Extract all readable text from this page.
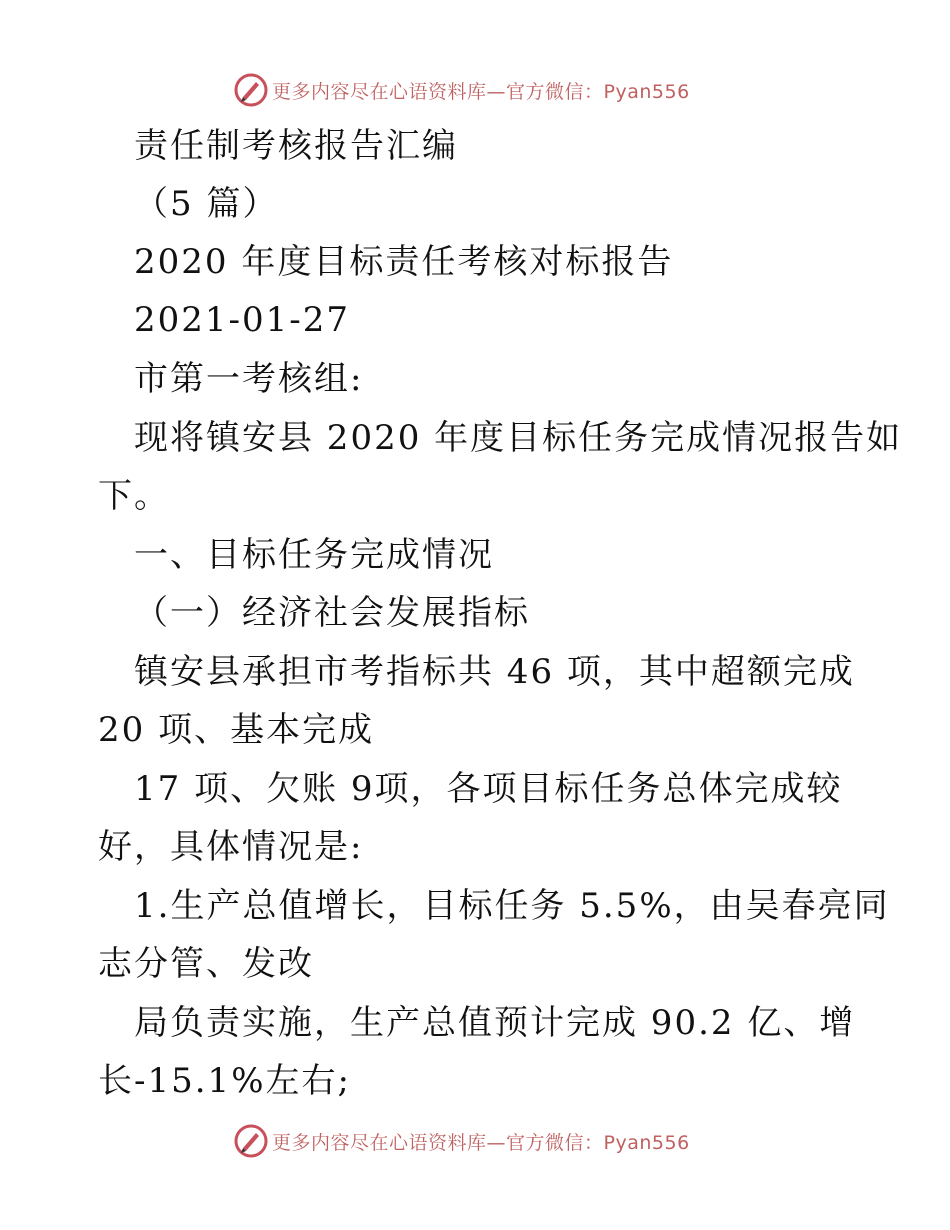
更多内容尽在心语资料库—官方微信：Pyan556
责任制考核报告汇编
（5 篇）
2020 年度目标责任考核对标报告
2021-01-27
市第一考核组:
现将镇安县 2020 年度目标任务完成情况报告如
下。
一、目标任务完成情况
（一）经济社会发展指标
镇安县承担市考指标共 46 项，其中超额完成
20 项、基本完成
17 项、欠账 9项，各项目标任务总体完成较
好，具体情况是:
1.生产总值增长，目标任务 5.5%，由吴春亮同
志分管、发改
局负责实施，生产总值预计完成 90.2 亿、增
长-15.1%左右;
更多内容尽在心语资料库—官方微信：Pyan556
